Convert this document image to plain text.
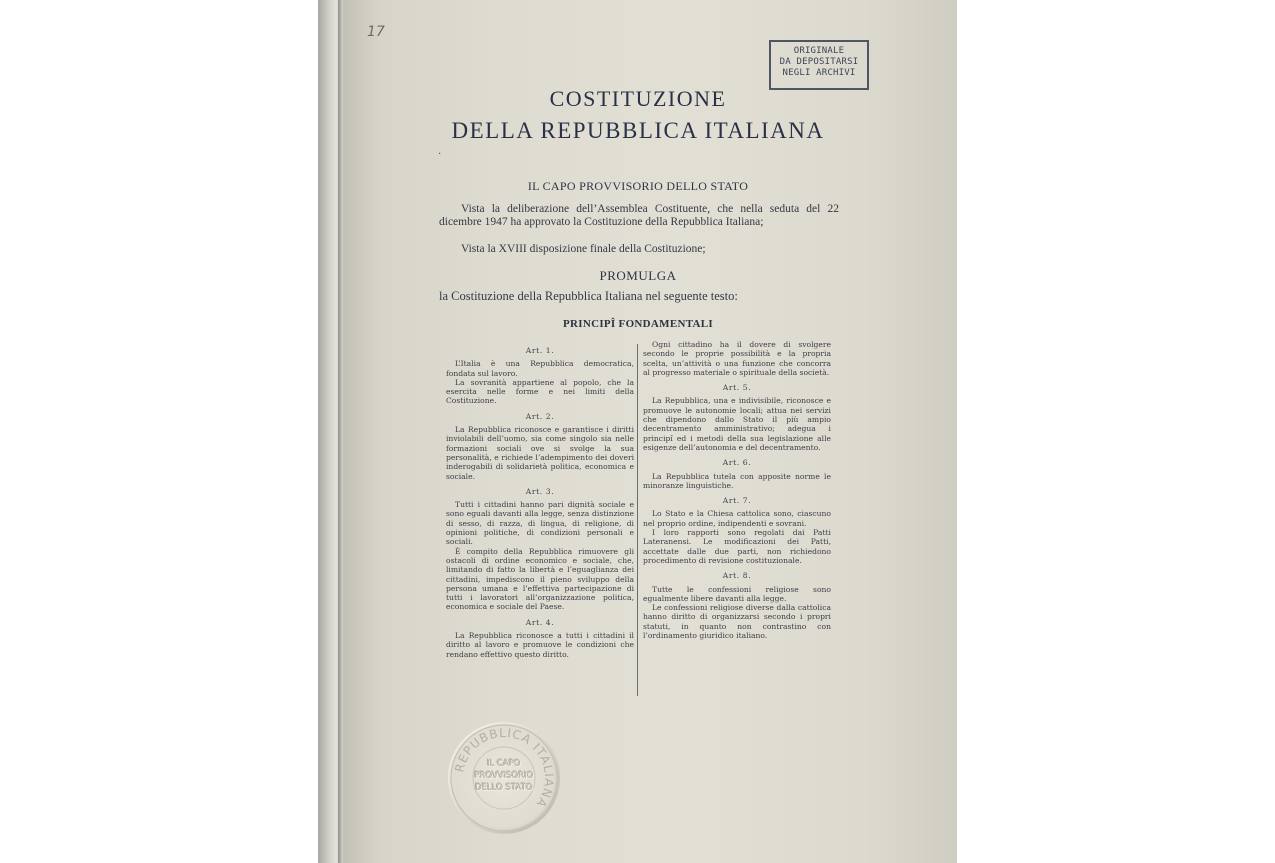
17
ORIGINALE
DA DEPOSITARSI
NEGLI ARCHIVI
COSTITUZIONE
DELLA REPUBBLICA ITALIANA
·
IL CAPO PROVVISORIO DELLO STATO
Vista la deliberazione dell’Assemblea Costituente, che nella seduta del 22 dicembre 1947 ha approvato la Costituzione della Repubblica Italiana;
Vista la XVIII disposizione finale della Costituzione;
PROMULGA
la Costituzione della Repubblica Italiana nel seguente testo:
PRINCIPÎ FONDAMENTALI
Art. 1.

L’Italia è una Repubblica democratica, fondata sul lavoro.

La sovranità appartiene al popolo, che la esercita nelle forme e nei limiti della Costituzione.

Art. 2.

La Repubblica riconosce e garantisce i diritti inviolabili dell’uomo, sia come singolo sia nelle formazioni sociali ove si svolge la sua personalità, e richiede l’adempimento dei doveri inderogabili di solidarietà politica, economica e sociale.

Art. 3.

Tutti i cittadini hanno pari dignità sociale e sono eguali davanti alla legge, senza distinzione di sesso, di razza, di lingua, di religione, di opinioni politiche, di condizioni personali e sociali.

È compito della Repubblica rimuovere gli ostacoli di ordine economico e sociale, che, limitando di fatto la libertà e l’eguaglianza dei cittadini, impediscono il pieno sviluppo della persona umana e l’effettiva partecipazione di tutti i lavoratori all’organizzazione politica, economica e sociale del Paese.

Art. 4.

La Repubblica riconosce a tutti i cittadini il diritto al lavoro e promuove le condizioni che rendano effettivo questo diritto.

Ogni cittadino ha il dovere di svolgere secondo le proprie possibilità e la propria scelta, un’attività o una funzione che concorra al progresso materiale o spirituale della società.

Art. 5.

La Repubblica, una e indivisibile, riconosce e promuove le autonomie locali; attua nei servizi che dipendono dallo Stato il più ampio decentramento amministrativo; adegua i principî ed i metodi della sua legislazione alle esigenze dell’autonomia e del decentramento.

Art. 6.

La Repubblica tutela con apposite norme le minoranze linguistiche.

Art. 7.

Lo Stato e la Chiesa cattolica sono, ciascuno nel proprio ordine, indipendenti e sovrani.

I loro rapporti sono regolati dai Patti Lateranensi. Le modificazioni dei Patti, accettate dalle due parti, non richiedono procedimento di revisione costituzionale.

Art. 8.

Tutte le confessioni religiose sono egualmente libere davanti alla legge.

Le confessioni religiose diverse dalla cattolica hanno diritto di organizzarsi secondo i propri statuti, in quanto non contrastino con l’ordinamento giuridico italiano.

REPUBBLICA ITALIANA
IL CAPO
PROVVISORIO
DELLO STATO
